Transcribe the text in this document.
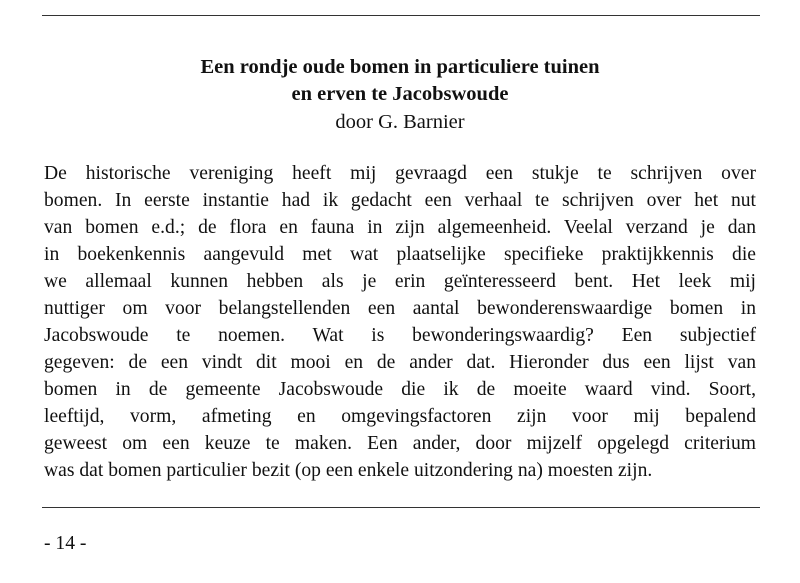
Een rondje oude bomen in particuliere tuinen
en erven te Jacobswoude
door G. Barnier
De historische vereniging heeft mij gevraagd een stukje te schrijven over
bomen. In eerste instantie had ik gedacht een verhaal te schrijven over het nut
van bomen e.d.; de flora en fauna in zijn algemeenheid. Veelal verzand je dan
in boekenkennis aangevuld met wat plaatselijke specifieke praktijkkennis die
we allemaal kunnen hebben als je erin geïnteresseerd bent. Het leek mij
nuttiger om voor belangstellenden een aantal bewonderenswaardige bomen in
Jacobswoude te noemen. Wat is bewonderingswaardig? Een subjectief
gegeven: de een vindt dit mooi en de ander dat. Hieronder dus een lijst van
bomen in de gemeente Jacobswoude die ik de moeite waard vind. Soort,
leeftijd, vorm, afmeting en omgevingsfactoren zijn voor mij bepalend
geweest om een keuze te maken. Een ander, door mijzelf opgelegd criterium
was dat bomen particulier bezit (op een enkele uitzondering na) moesten zijn.
- 14 -
